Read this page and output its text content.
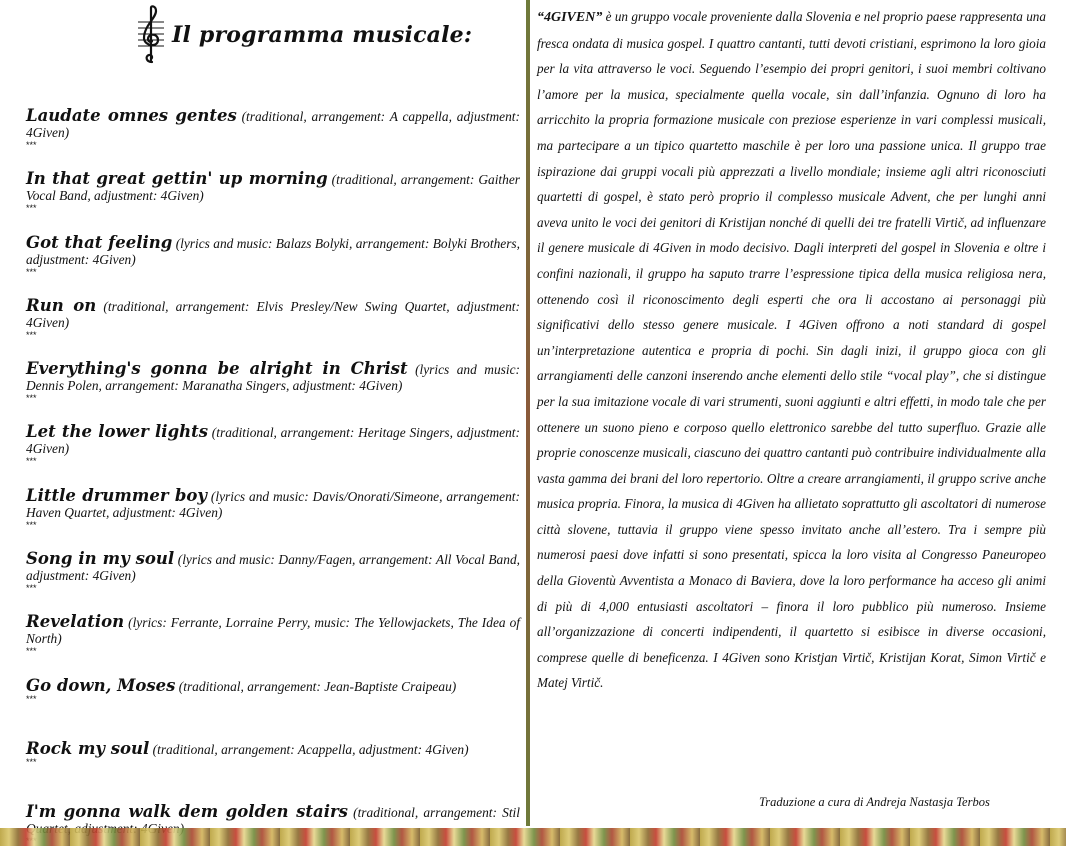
Il programma musicale:

Laudate omnes gentes (traditional, arrangement: A cappella, adjustment: 4Given)

***

In that great gettin' up morning (traditional, arrangement: Gaither Vocal Band, adjustment: 4Given)

***

Got that feeling (lyrics and music: Balazs Bolyki, arrangement: Bolyki Brothers, adjustment: 4Given)

***

Run on (traditional, arrangement: Elvis Presley/New Swing Quartet, adjustment: 4Given)

***

Everything's gonna be alright in Christ (lyrics and music: Dennis Polen, arrangement: Maranatha Singers, adjustment: 4Given)

***

Let the lower lights (traditional, arrangement: Heritage Singers, adjustment: 4Given)

***

Little drummer boy (lyrics and music: Davis/Onorati/Simeone, arrangement: Haven Quartet, adjustment: 4Given)

***

Song in my soul (lyrics and music: Danny/Fagen, arrangement: All Vocal Band, adjustment: 4Given)

***

Revelation (lyrics: Ferrante, Lorraine Perry, music: The Yellowjackets, The Idea of North)

***

Go down, Moses (traditional, arrangement: Jean-Baptiste Craipeau)

***

Rock my soul (traditional, arrangement: Acappella, adjustment: 4Given)

***

I'm gonna walk dem golden stairs (traditional, arrangement: Stil

“4GIVEN” è un gruppo vocale proveniente dalla Slovenia e nel proprio paese rappresenta una fresca ondata di musica gospel. I quattro cantanti, tutti devoti cristiani, esprimono la loro gioia per la vita attraverso le voci. Seguendo l’esempio dei propri genitori, i suoi membri coltivano l’amore per la musica, specialmente quella vocale, sin dall’infanzia. Ognuno di loro ha arricchito la propria formazione musicale con preziose esperienze in vari complessi musicali, ma partecipare a un tipico quartetto maschile è per loro una passione unica. Il gruppo trae ispirazione dai gruppi vocali più apprezzati a livello mondiale; insieme agli altri riconosciuti quartetti di gospel, è stato però proprio il complesso musicale Advent, che per lunghi anni aveva unito le voci dei genitori di Kristijan nonché di quelli dei tre fratelli Virtič, ad influenzare il genere musicale di 4Given in modo decisivo. Dagli interpreti del gospel in Slovenia e oltre i confini nazionali, il gruppo ha saputo trarre l’espressione tipica della musica religiosa nera, ottenendo così il riconoscimento degli esperti che ora li accostano ai personaggi più significativi dello stesso genere musicale. I 4Given offrono a noti standard di gospel un’interpretazione autentica e propria di pochi. Sin dagli inizi, il gruppo gioca con gli arrangiamenti delle canzoni inserendo anche elementi dello stile “vocal play”, che si distingue per la sua imitazione vocale di vari strumenti, suoni aggiunti e altri effetti, in modo tale che per ottenere un suono pieno e corposo quello elettronico sarebbe del tutto superfluo. Grazie alle proprie conoscenze musicali, ciascuno dei quattro cantanti può contribuire individualmente alla vasta gamma dei brani del loro repertorio. Oltre a creare arrangiamenti, il gruppo scrive anche musica propria. Finora, la musica di 4Given ha allietato soprattutto gli ascoltatori di numerose città slovene, tuttavia il gruppo viene spesso invitato anche all’estero. Tra i sempre più numerosi paesi dove infatti si sono presentati, spicca la loro visita al Congresso Paneuropeo della Gioventù Avventista a Monaco di Baviera, dove la loro performance ha acceso gli animi di più di 4,000 entusiasti ascoltatori – finora il loro pubblico più numeroso. Insieme all’organizzazione di concerti indipendenti, il quartetto si esibisce in diverse occasioni, comprese quelle di beneficenza. I 4Given sono Kristjan Virtič, Kristijan Korat, Simon Virtič e Matej Virtič.

Traduzione a cura di Andreja Nastasja Terbos
